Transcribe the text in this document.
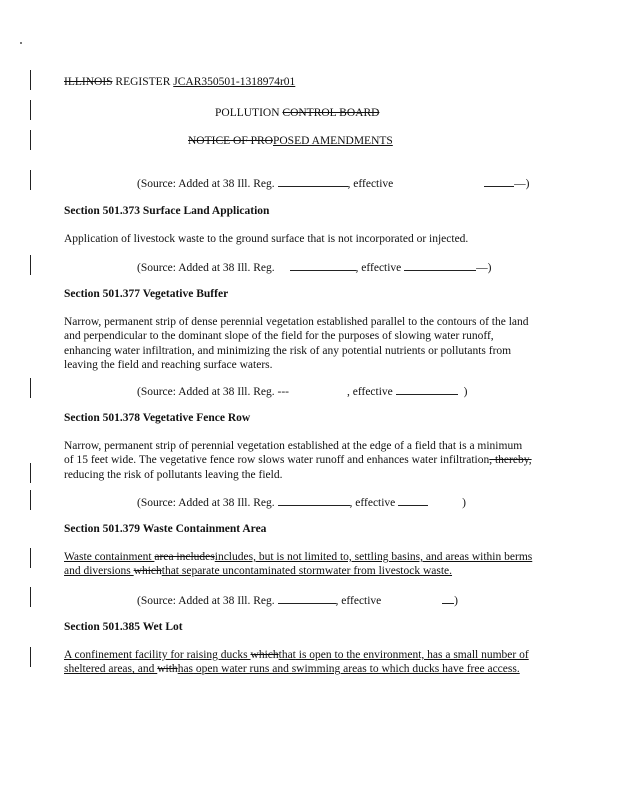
ILLINOIS REGISTER JCAR350501-1318974r01
POLLUTION CONTROL BOARD
NOTICE OF PROPOSED AMENDMENTS
(Source: Added at 38 Ill. Reg.	, effective	—)
Section 501.373 Surface Land Application
Application of livestock waste to the ground surface that is not incorporated or injected.
(Source: Added at 38 Ill. Reg.	, effective	—)
Section 501.377 Vegetative Buffer
Narrow, permanent strip of dense perennial vegetation established parallel to the contours of the land and perpendicular to the dominant slope of the field for the purposes of slowing water runoff, enhancing water infiltration, and minimizing the risk of any potential nutrients or pollutants from leaving the field and reaching surface waters.
(Source: Added at 38 Ill. Reg. ---	, effective	)
Section 501.378 Vegetative Fence Row
Narrow, permanent strip of perennial vegetation established at the edge of a field that is a minimum of 15 feet wide. The vegetative fence row slows water runoff and enhances water infiltration, thereby, reducing the risk of pollutants leaving the field.
(Source: Added at 38 Ill. Reg.	, effective	)
Section 501.379 Waste Containment Area
Waste containment area includesincludes, but is not limited to, settling basins, and areas within berms and diversions whichthat separate uncontaminated stormwater from livestock waste.
(Source: Added at 38 Ill. Reg.	, effective	)
Section 501.385 Wet Lot
A confinement facility for raising ducks whichthat is open to the environment, has a small number of sheltered areas, and withhas open water runs and swimming areas to which ducks have free access.
